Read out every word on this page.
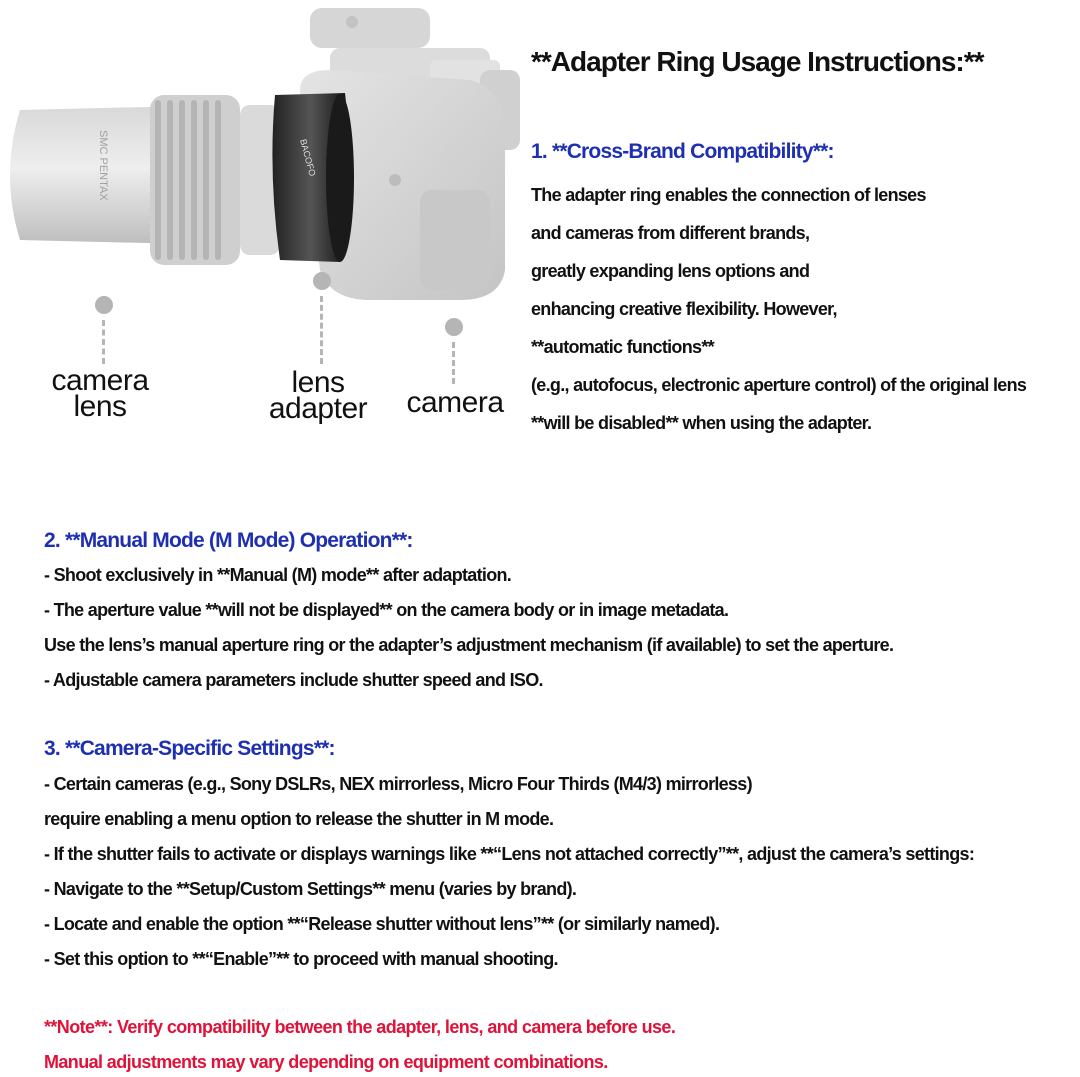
SMC PENTAX	BACOFO
camera
lens
lens
adapter	camera
**Adapter Ring Usage Instructions:**
1. **Cross-Brand Compatibility**:
The adapter ring enables the connection of lenses
and cameras from different brands,
greatly expanding lens options and
enhancing creative flexibility. However,
**automatic functions**
(e.g., autofocus, electronic aperture control) of the original lens
**will be disabled** when using the adapter.
2. **Manual Mode (M Mode) Operation**:
- Shoot exclusively in **Manual (M) mode** after adaptation.
- The aperture value **will not be displayed** on the camera body or in image metadata.
Use the lens’s manual aperture ring or the adapter’s adjustment mechanism (if available) to set the aperture.
- Adjustable camera parameters include shutter speed and ISO.
3. **Camera-Specific Settings**:
- Certain cameras (e.g., Sony DSLRs, NEX mirrorless, Micro Four Thirds (M4/3) mirrorless)
require enabling a menu option to release the shutter in M mode.
- If the shutter fails to activate or displays warnings like **“Lens not attached correctly”**, adjust the camera’s settings:
- Navigate to the **Setup/Custom Settings** menu (varies by brand).
- Locate and enable the option **“Release shutter without lens”** (or similarly named).
- Set this option to **“Enable”** to proceed with manual shooting.
**Note**: Verify compatibility between the adapter, lens, and camera before use.
Manual adjustments may vary depending on equipment combinations.
